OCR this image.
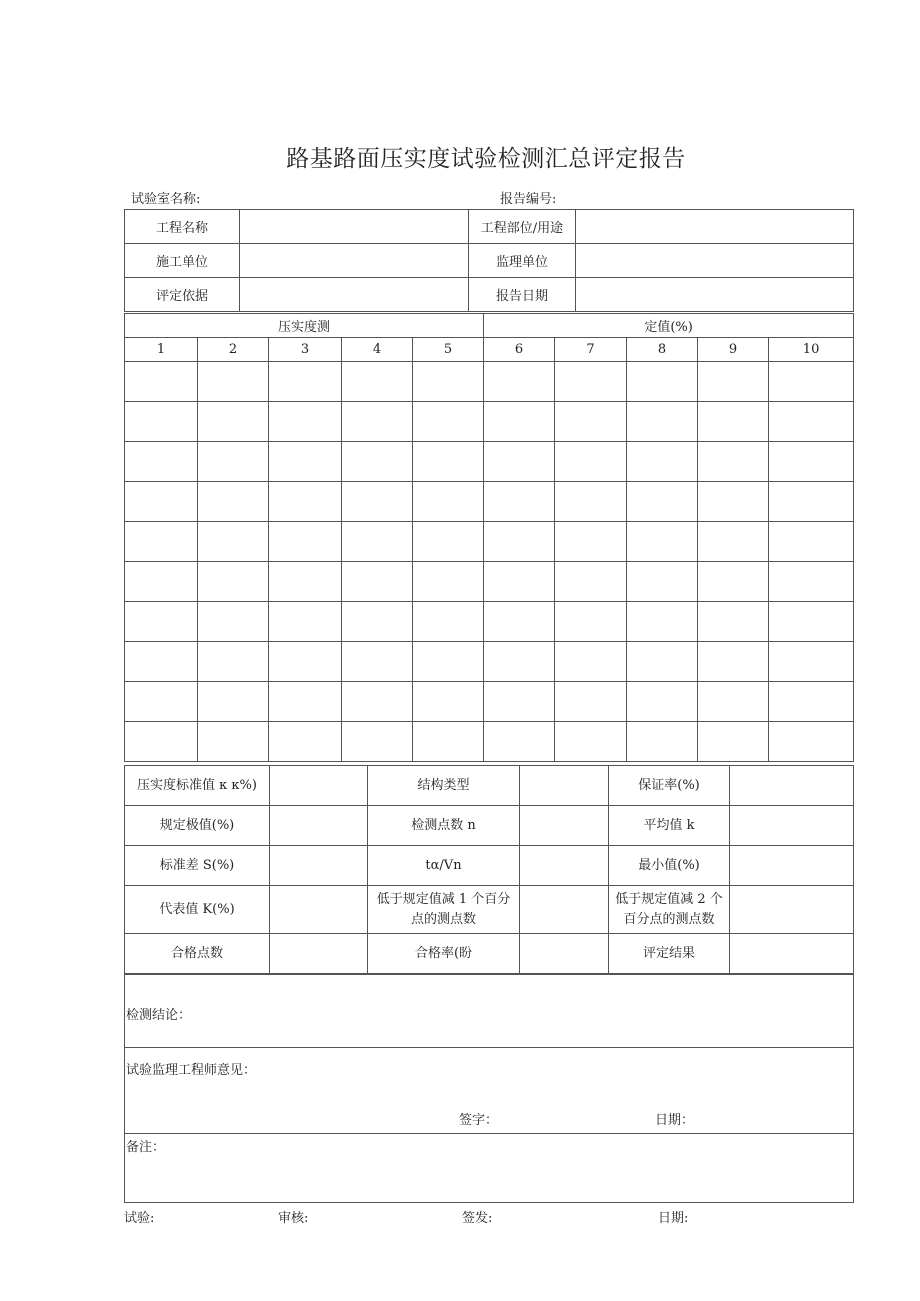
路基路面压实度试验检测汇总评定报告
试验室名称:	报告编号:
工程名称		工程部位/用途	
施工单位		监理单位	
评定依据		报告日期	
压实度测					定值(%)				
1	2	3	4	5	6	7	8	9	10

压实度标准值 κ κ%)		结构类型		保证率(%)	
规定极值(%)		检测点数 n		平均值 k	
标准差 S(%)		tα/Vn		最小值(%)	
代表值 K(%)		低于规定值减 1 个百分点的测点数		低于规定值减 2 个百分点的测点数	
合格点数		合格率(盼		评定结果	
检测结论：

试验监理工程师意见：
签字：	日期：

备注：
试验:	审核:	签发:	日期:
